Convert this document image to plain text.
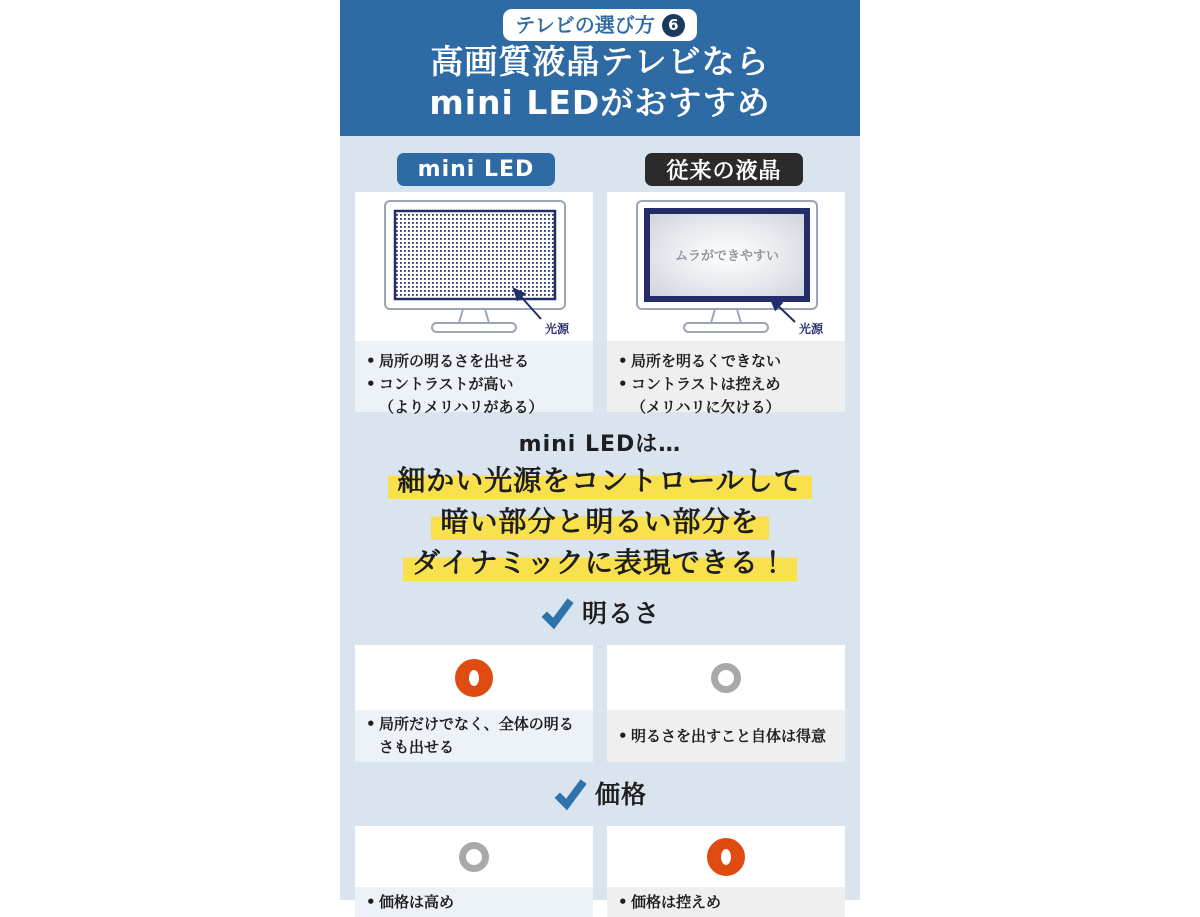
テレビの選び方 6
高画質液晶テレビなら
mini LEDがおすすめ
mini LED	従来の液晶
光源
• 局所の明るさを出せる
• コントラストが高い
（よりメリハリがある）
ムラができやすい
光源
• 局所を明るくできない
• コントラストは控えめ
（メリハリに欠ける）
mini LEDは…
細かい光源をコントロールして
暗い部分と明るい部分を
ダイナミックに表現できる！
明るさ
• 局所だけでなく、全体の明るさも出せる
• 明るさを出すこと自体は得意
価格
• 価格は高め	• 価格は控えめ
